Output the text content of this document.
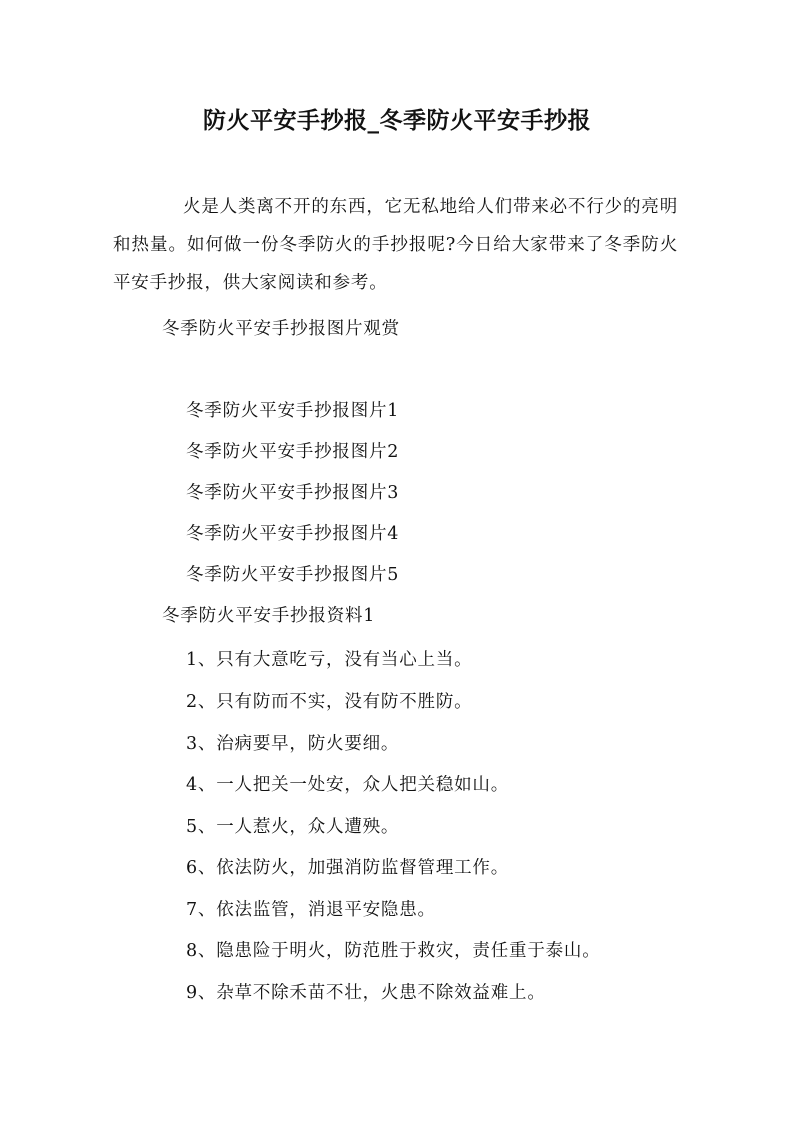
防火平安手抄报_冬季防火平安手抄报
火是人类离不开的东西，它无私地给人们带来必不行少的亮明和热量。如何做一份冬季防火的手抄报呢?今日给大家带来了冬季防火平安手抄报，供大家阅读和参考。
冬季防火平安手抄报图片观赏
冬季防火平安手抄报图片1
冬季防火平安手抄报图片2
冬季防火平安手抄报图片3
冬季防火平安手抄报图片4
冬季防火平安手抄报图片5
冬季防火平安手抄报资料1
1、只有大意吃亏，没有当心上当。
2、只有防而不实，没有防不胜防。
3、治病要早，防火要细。
4、一人把关一处安，众人把关稳如山。
5、一人惹火，众人遭殃。
6、依法防火，加强消防监督管理工作。
7、依法监管，消退平安隐患。
8、隐患险于明火，防范胜于救灾，责任重于泰山。
9、杂草不除禾苗不壮，火患不除效益难上。
